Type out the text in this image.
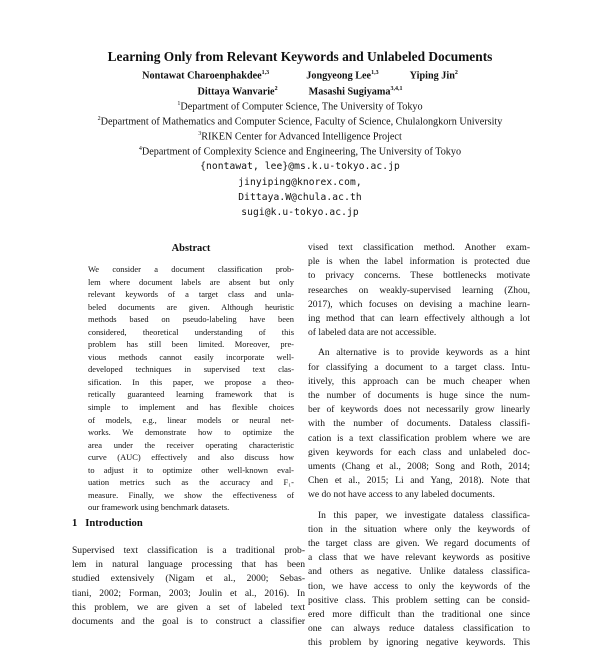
Learning Only from Relevant Keywords and Unlabeled Documents
Nontawat Charoenphakdee$^{1,3}$	Jongyeong Lee$^{1,3}$	Yiping Jin$^2$
Dittaya Wanvarie$^2$	Masashi Sugiyama$^{3,4,1}$
$^1$Department of Computer Science, The University of Tokyo
$^2$Department of Mathematics and Computer Science, Faculty of Science, Chulalongkorn University
$^3$RIKEN Center for Advanced Intelligence Project
$^4$Department of Complexity Science and Engineering, The University of Tokyo
{nontawat, lee}@ms.k.u-tokyo.ac.jp
jinyiping@knorex.com,
Dittaya.W@chula.ac.th
sugi@k.u-tokyo.ac.jp
Abstract
We consider a document classification prob-
lem where document labels are absent but only
relevant keywords of a target class and unla-
beled documents are given. Although heuristic
methods based on pseudo-labeling have been
considered, theoretical understanding of this
problem has still been limited. Moreover, pre-
vious methods cannot easily incorporate well-
developed techniques in supervised text clas-
sification. In this paper, we propose a theo-
retically guaranteed learning framework that is
simple to implement and has flexible choices
of models, e.g., linear models or neural net-
works. We demonstrate how to optimize the
area under the receiver operating characteristic
curve (AUC) effectively and also discuss how
to adjust it to optimize other well-known eval-
uation metrics such as the accuracy and F₁-
measure. Finally, we show the effectiveness of
our framework using benchmark datasets.
1   Introduction
Supervised text classification is a traditional prob-
lem in natural language processing that has been
studied extensively (Nigam et al., 2000; Sebas-
tiani, 2002; Forman, 2003; Joulin et al., 2016). In
this problem, we are given a set of labeled text
documents and the goal is to construct a classifier
vised text classification method. Another exam-
ple is when the label information is protected due
to privacy concerns. These bottlenecks motivate
researches on weakly-supervised learning (Zhou,
2017), which focuses on devising a machine learn-
ing method that can learn effectively although a lot
of labeled data are not accessible.
An alternative is to provide keywords as a hint
for classifying a document to a target class. Intu-
itively, this approach can be much cheaper when
the number of documents is huge since the num-
ber of keywords does not necessarily grow linearly
with the number of documents. Dataless classifi-
cation is a text classification problem where we are
given keywords for each class and unlabeled doc-
uments (Chang et al., 2008; Song and Roth, 2014;
Chen et al., 2015; Li and Yang, 2018). Note that
we do not have access to any labeled documents.
In this paper, we investigate dataless classifica-
tion in the situation where only the keywords of
the target class are given. We regard documents of
a class that we have relevant keywords as positive
and others as negative. Unlike dataless classifica-
tion, we have access to only the keywords of the
positive class. This problem setting can be consid-
ered more difficult than the traditional one since
one can always reduce dataless classification to
this problem by ignoring negative keywords. This
